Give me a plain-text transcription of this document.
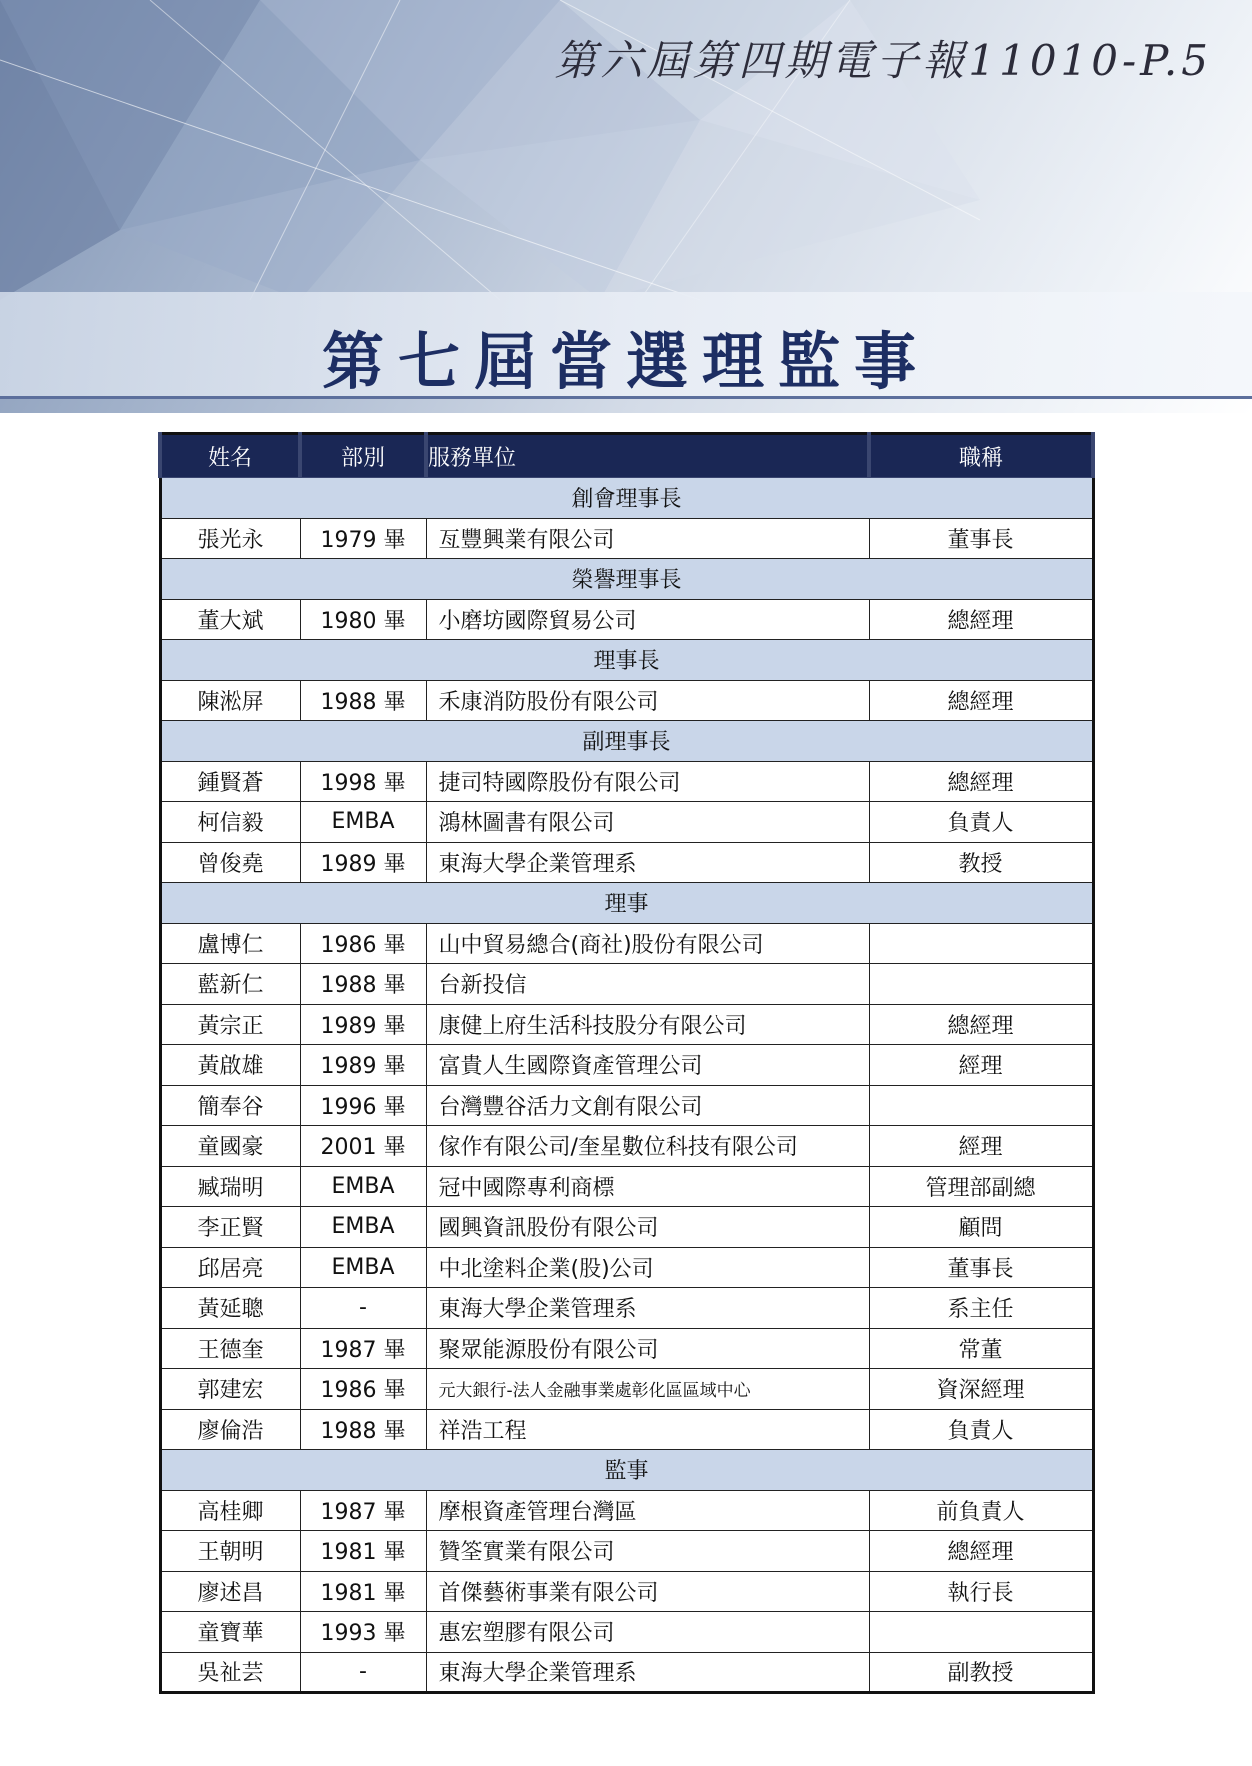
第六屆第四期電子報11010-P.5
第七屆當選理監事
姓名	部別	服務單位	職稱
創會理事長			
張光永	1979 畢	亙豐興業有限公司	董事長
榮譽理事長			
董大斌	1980 畢	小磨坊國際貿易公司	總經理
理事長			
陳淞屏	1988 畢	禾康消防股份有限公司	總經理
副理事長			
鍾賢蒼	1998 畢	捷司特國際股份有限公司	總經理
柯信毅	EMBA	鴻林圖書有限公司	負責人
曾俊堯	1989 畢	東海大學企業管理系	教授
理事			
盧博仁	1986 畢	山中貿易總合(商社)股份有限公司	
藍新仁	1988 畢	台新投信	
黃宗正	1989 畢	康健上府生活科技股分有限公司	總經理
黃啟雄	1989 畢	富貴人生國際資產管理公司	經理
簡奉谷	1996 畢	台灣豐谷活力文創有限公司	
童國豪	2001 畢	傢作有限公司/奎星數位科技有限公司	經理
臧瑞明	EMBA	冠中國際專利商標	管理部副總
李正賢	EMBA	國興資訊股份有限公司	顧問
邱居亮	EMBA	中北塗料企業(股)公司	董事長
黃延聰	-	東海大學企業管理系	系主任
王德奎	1987 畢	聚眾能源股份有限公司	常董
郭建宏	1986 畢	元大銀行-法人金融事業處彰化區區域中心	資深經理
廖倫浩	1988 畢	祥浩工程	負責人
監事			
高桂卿	1987 畢	摩根資產管理台灣區	前負責人
王朝明	1981 畢	贊筌實業有限公司	總經理
廖述昌	1981 畢	首傑藝術事業有限公司	執行長
童寶華	1993 畢	惠宏塑膠有限公司	
吳祉芸	-	東海大學企業管理系	副教授
